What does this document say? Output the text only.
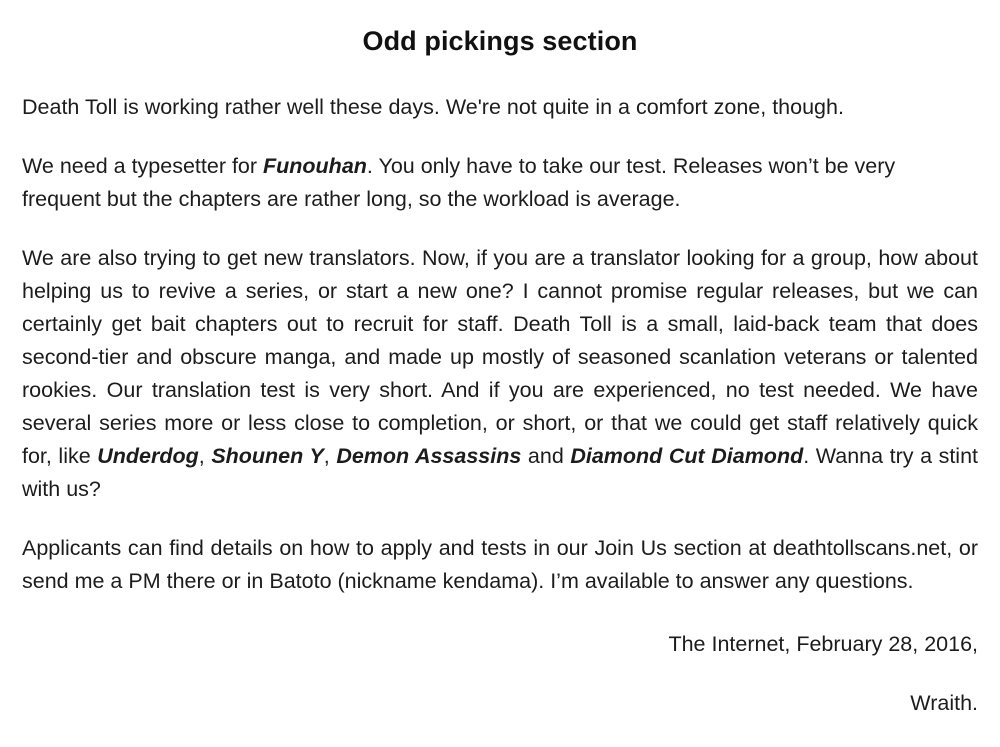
Odd pickings section

Death Toll is working rather well these days. We're not quite in a comfort zone, though.

We need a typesetter for Funouhan. You only have to take our test. Releases won’t be very frequent but the chapters are rather long, so the workload is average.

We are also trying to get new translators. Now, if you are a translator looking for a group, how about helping us to revive a series, or start a new one? I cannot promise regular releases, but we can certainly get bait chapters out to recruit for staff. Death Toll is a small, laid-back team that does second-tier and obscure manga, and made up mostly of seasoned scanlation veterans or talented rookies. Our translation test is very short. And if you are experienced, no test needed. We have several series more or less close to completion, or short, or that we could get staff relatively quick for, like Underdog, Shounen Y, Demon Assassins and Diamond Cut Diamond. Wanna try a stint with us?

Applicants can find details on how to apply and tests in our Join Us section at deathtollscans.net, or send me a PM there or in Batoto (nickname kendama). I’m available to answer any questions.

The Internet, February 28, 2016,
Wraith.
